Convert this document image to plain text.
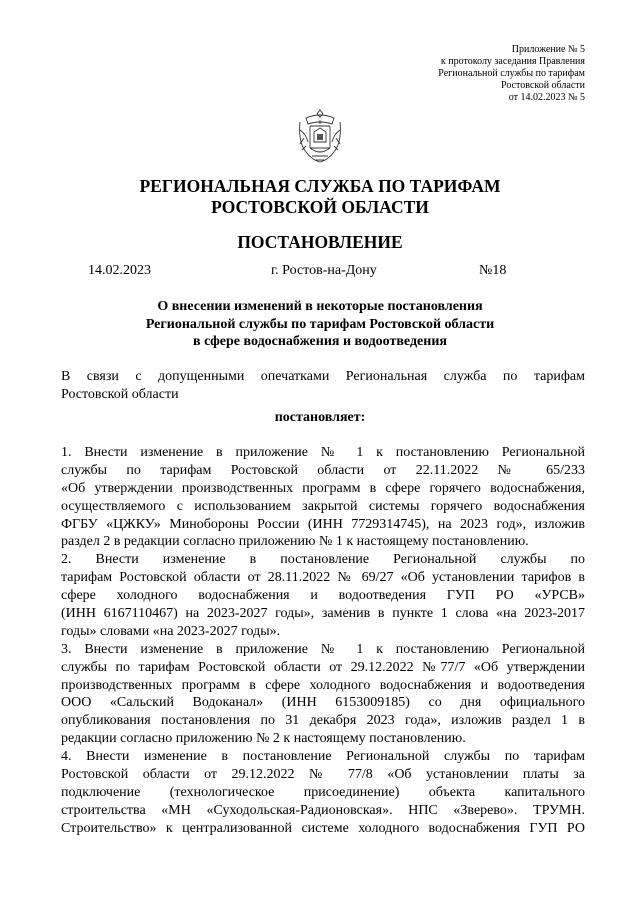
Приложение № 5
к протоколу заседания Правления
Региональной службы по тарифам
Ростовской области
от 14.02.2023 № 5
РЕГИОНАЛЬНАЯ СЛУЖБА ПО ТАРИФАМ
РОСТОВСКОЙ ОБЛАСТИ
ПОСТАНОВЛЕНИЕ
14.02.2023	г. Ростов-на-Дону	№18
О внесении изменений в некоторые постановления
Региональной службы по тарифам Ростовской области
в сфере водоснабжения и водоотведения
В связи с допущенными опечатками Региональная служба по тарифам
Ростовской области
постановляет:
1. Внести изменение в приложение № 1 к постановлению Региональной
службы по тарифам Ростовской области от 22.11.2022 № 65/233
«Об утверждении производственных программ в сфере горячего водоснабжения,
осуществляемого с использованием закрытой системы горячего водоснабжения
ФГБУ «ЦЖКУ» Минобороны России (ИНН 7729314745), на 2023 год», изложив
раздел 2 в редакции согласно приложению № 1 к настоящему постановлению.
2. Внести изменение в постановление Региональной службы по
тарифам Ростовской области от 28.11.2022 № 69/27 «Об установлении тарифов в
сфере холодного водоснабжения и водоотведения ГУП РО «УРСВ»
(ИНН 6167110467) на 2023-2027 годы», заменив в пункте 1 слова «на 2023-2017
годы» словами «на 2023-2027 годы».
3. Внести изменение в приложение № 1 к постановлению Региональной
службы по тарифам Ростовской области от 29.12.2022 №77/7 «Об утверждении
производственных программ в сфере холодного водоснабжения и водоотведения
ООО «Сальский Водоканал» (ИНН 6153009185) со дня официального
опубликования постановления по 31 декабря 2023 года», изложив раздел 1 в
редакции согласно приложению № 2 к настоящему постановлению.
4. Внести изменение в постановление Региональной службы по тарифам
Ростовской области от 29.12.2022 № 77/8 «Об установлении платы за
подключение (технологическое присоединение) объекта капитального
строительства «МН «Суходольская-Радионовская». НПС «Зверево». ТРУМН.
Строительство» к централизованной системе холодного водоснабжения ГУП РО
